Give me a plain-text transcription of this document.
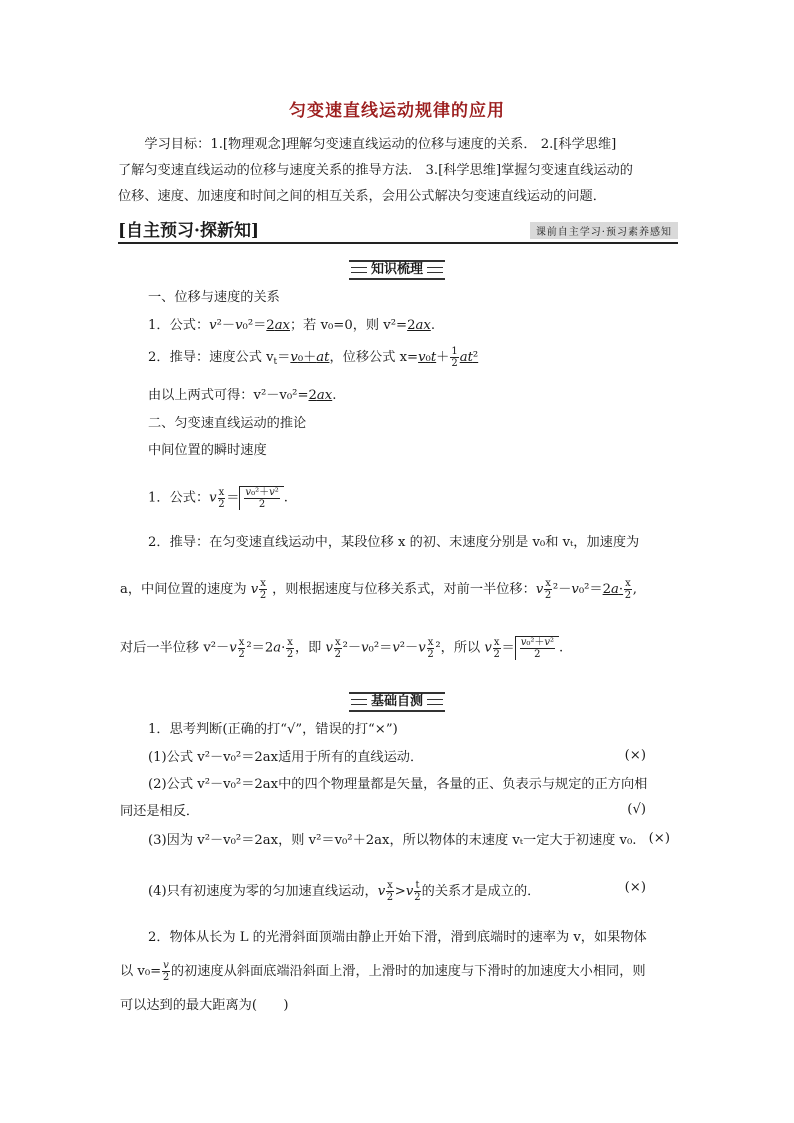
匀变速直线运动规律的应用
学习目标：1.[物理观念]理解匀变速直线运动的位移与速度的关系． 2.[科学思维]
了解匀变速直线运动的位移与速度关系的推导方法． 3.[科学思维]掌握匀变速直线运动的
位移、速度、加速度和时间之间的相互关系，会用公式解决匀变速直线运动的问题．
[自主预习·探新知]	课前自主学习·预习素养感知
知识梳理
一、位移与速度的关系
1．公式：v²－v₀²＝2ax；若 v₀=0，则 v²=2ax.
2．推导：速度公式 $v_t=v_0+at$，位移公式 $x=v_0t+ \frac{1}{2} at^2$
由以上两式可得：v²－v₀²=2ax.
二、匀变速直线运动的推论
中间位置的瞬时速度
1．公式：v $\frac{x}{2} = \frac{\text{v₀²＋v²}}{2}$ .
2．推导：在匀变速直线运动中，某段位移 x 的初、末速度分别是 v₀和 vₜ，加速度为
a，中间位置的速度为 v $\frac{x}{2}$ ，则根据速度与位移关系式，对前一半位移：v $\frac{x}{2} ^2-v_0^2=2a\cdot \frac{x}{2}$ ,
对后一半位移 $v^2-v \frac{x}{2} ^2=2a\cdot \frac{x}{2}$ ，即 v $\frac{x}{2} ^2-v_0^2=v^2-v \frac{x}{2} ^2$，所以 v $\frac{x}{2} = \frac{\text{v₀²＋v²}}{2}$ .
基础自测
1．思考判断(正确的打“√”，错误的打“×”)
(1)公式 v²－v₀²＝2ax适用于所有的直线运动．	(×)
(2)公式 v²－v₀²＝2ax中的四个物理量都是矢量，各量的正、负表示与规定的正方向相
同还是相反．	(√)
(3)因为 v²－v₀²＝2ax，则 v²＝v₀²＋2ax，所以物体的末速度 vₜ一定大于初速度 v₀. (×)
(4)只有初速度为零的匀加速直线运动，v $\frac{x}{2} >v \frac{t}{2}$ 的关系才是成立的．	(×)
2．物体从长为 L 的光滑斜面顶端由静止开始下滑，滑到底端时的速率为 v，如果物体
以 $v_0= \frac{v}{2}$ 的初速度从斜面底端沿斜面上滑，上滑时的加速度与下滑时的加速度大小相同，则
可以达到的最大距离为(　　)
